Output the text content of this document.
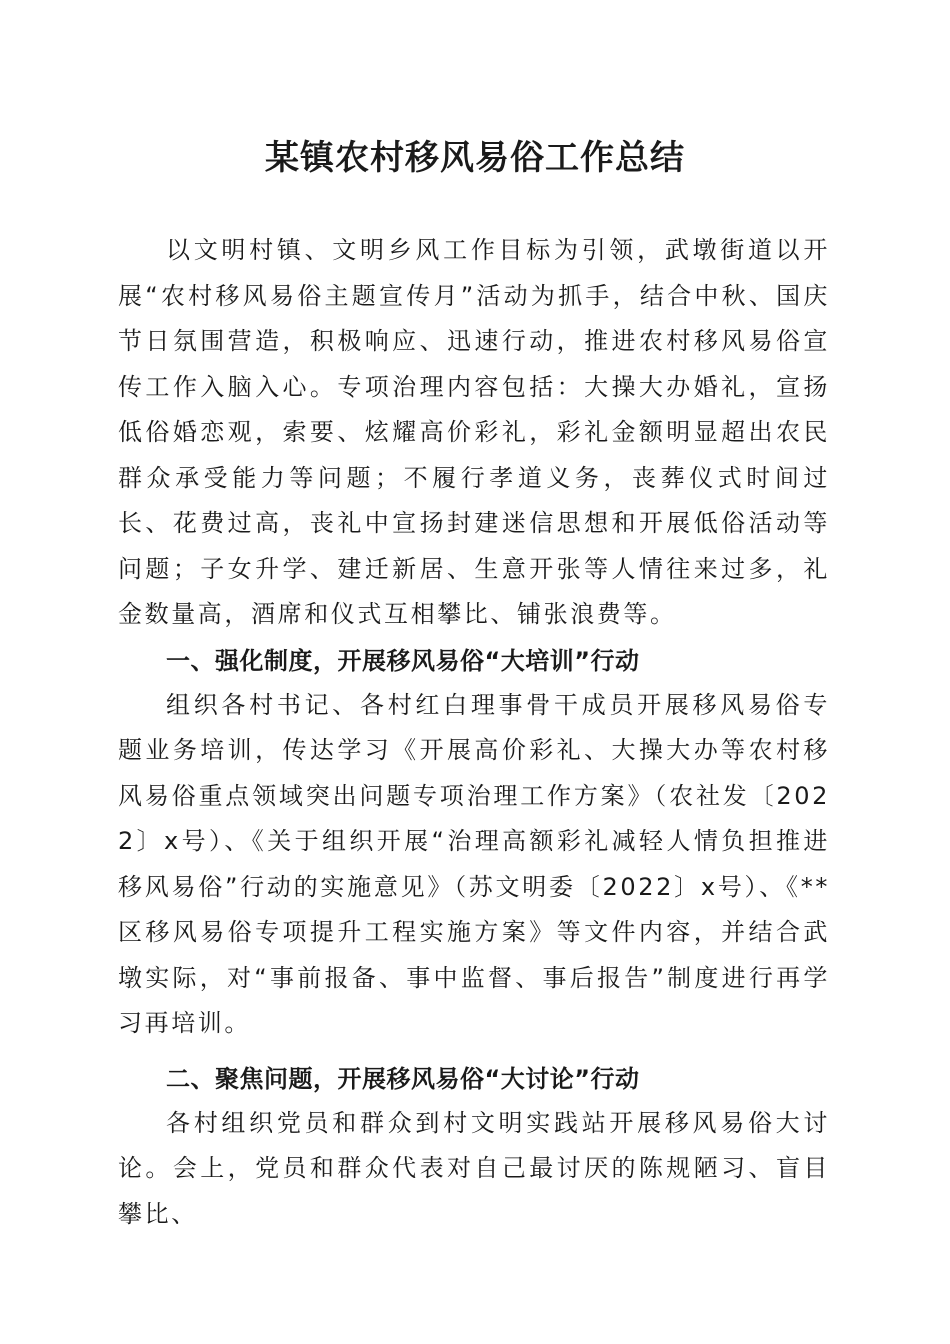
某镇农村移风易俗工作总结

以文明村镇、文明乡风工作目标为引领，武墩街道以开展“农村移风易俗主题宣传月”活动为抓手，结合中秋、国庆节日氛围营造，积极响应、迅速行动，推进农村移风易俗宣传工作入脑入心。专项治理内容包括：大操大办婚礼，宣扬低俗婚恋观，索要、炫耀高价彩礼，彩礼金额明显超出农民群众承受能力等问题；不履行孝道义务，丧葬仪式时间过长、花费过高，丧礼中宣扬封建迷信思想和开展低俗活动等问题；子女升学、建迁新居、生意开张等人情往来过多，礼金数量高，酒席和仪式互相攀比、铺张浪费等。

一、强化制度，开展移风易俗“大培训”行动

组织各村书记、各村红白理事骨干成员开展移风易俗专题业务培训，传达学习《开展高价彩礼、大操大办等农村移风易俗重点领域突出问题专项治理工作方案》（农社发〔2022〕x号）、《关于组织开展“治理高额彩礼减轻人情负担推进移风易俗”行动的实施意见》（苏文明委〔2022〕x号）、《**区移风易俗专项提升工程实施方案》等文件内容，并结合武墩实际，对“事前报备、事中监督、事后报告”制度进行再学习再培训。

二、聚焦问题，开展移风易俗“大讨论”行动

各村组织党员和群众到村文明实践站开展移风易俗大讨论。会上，党员和群众代表对自己最讨厌的陈规陋习、盲目攀比、
